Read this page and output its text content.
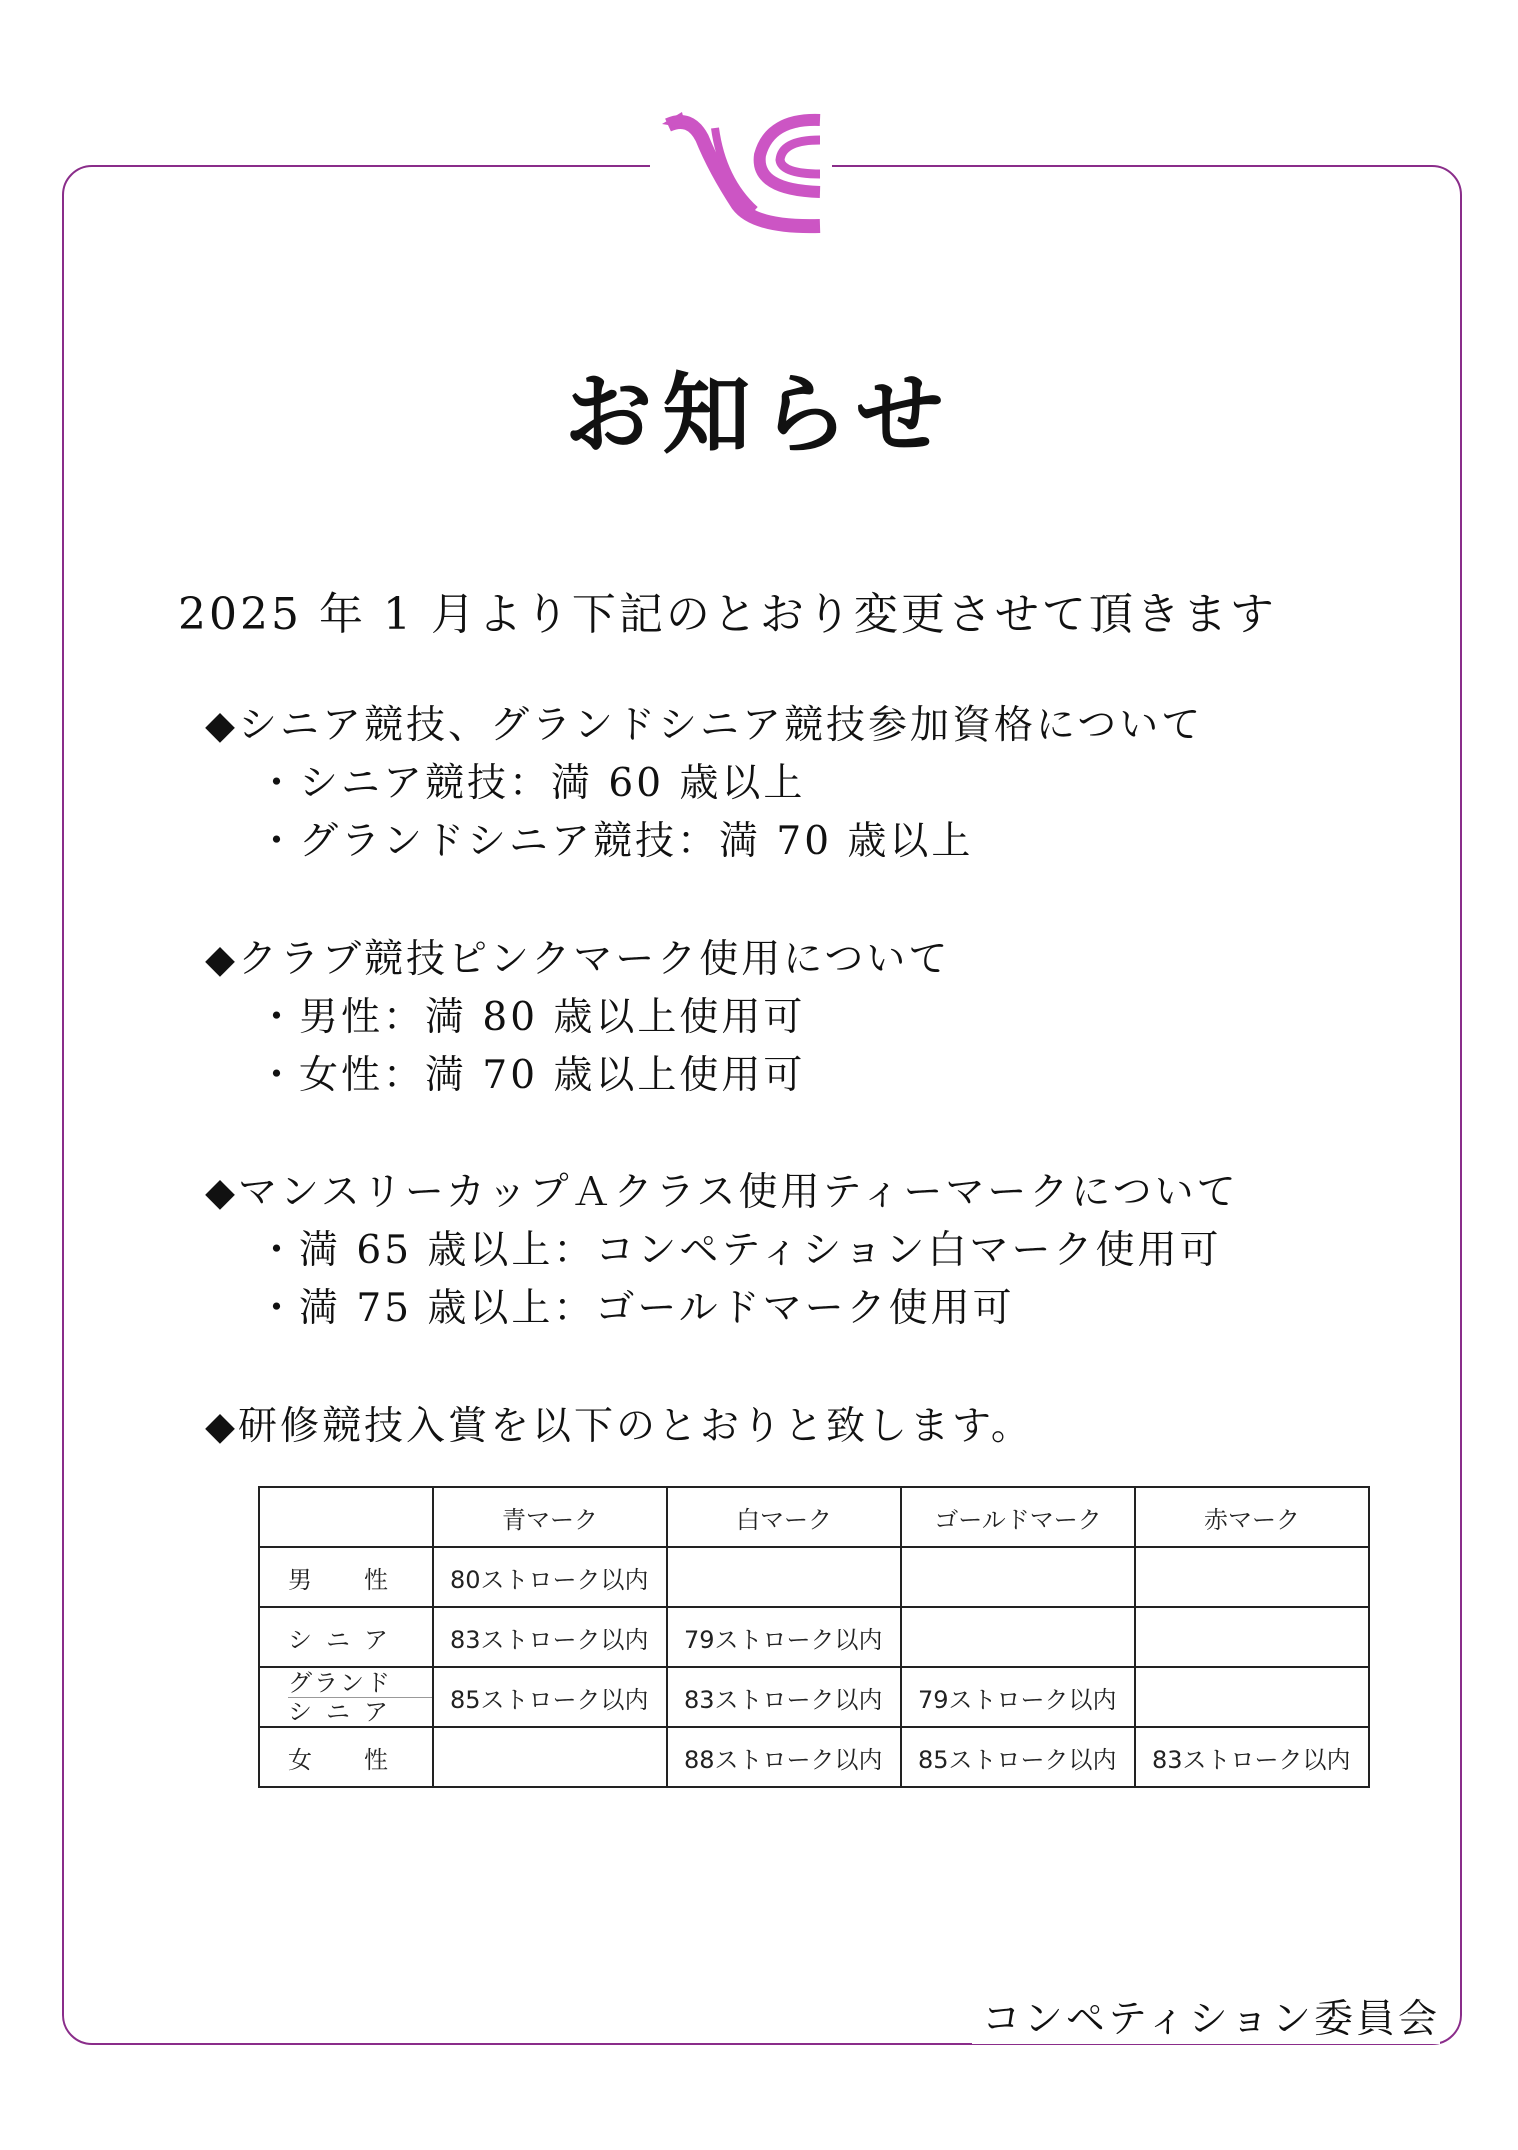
お知らせ

2025 年 1 月より下記のとおり変更させて頂きます

◆シニア競技、グランドシニア競技参加資格について

・シニア競技：満 60 歳以上

・グランドシニア競技：満 70 歳以上

◆クラブ競技ピンクマーク使用について

・男性：満 80 歳以上使用可

・女性：満 70 歳以上使用可

◆マンスリーカップＡクラス使用ティーマークについて

・満 65 歳以上：コンペティション白マーク使用可

・満 75 歳以上：ゴールドマーク使用可

◆研修競技入賞を以下のとおりと致します。

	青マーク	白マーク	ゴールドマーク	赤マーク
男　性	80ストローク以内			
シニア	83ストローク以内	79ストローク以内		

グランド
シニア	85ストローク以内	83ストローク以内	79ストローク以内	
女　性		88ストローク以内	85ストローク以内	83ストローク以内

コンペティション委員会
